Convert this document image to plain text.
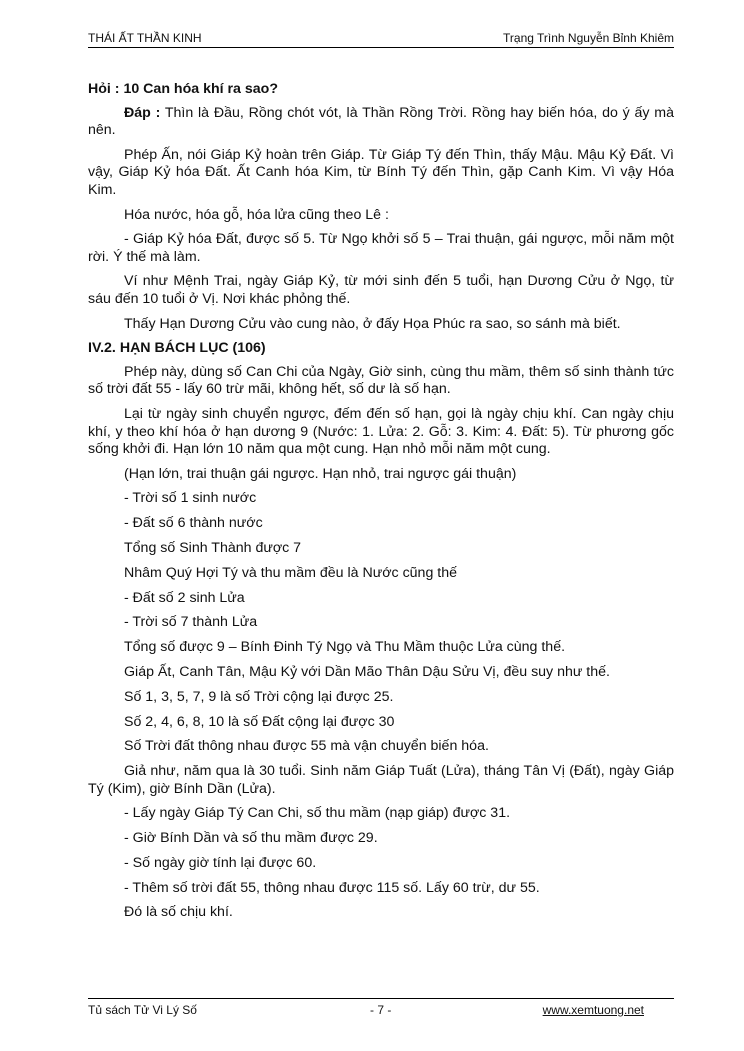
THÁI ẤT THẦN KINH	Trạng Trình Nguyễn Bỉnh Khiêm

Hỏi : 10 Can hóa khí ra sao?

Đáp : Thìn là Đầu, Rồng chót vót, là Thần Rồng Trời. Rồng hay biến hóa, do ý ấy mà nên.

Phép Ấn, nói Giáp Kỷ hoàn trên Giáp. Từ Giáp Tý đến Thìn, thấy Mậu. Mậu Kỷ Đất. Vì vậy, Giáp Kỷ hóa Đất. Ất Canh hóa Kim, từ Bính Tý đến Thìn, gặp Canh Kim. Vì vậy Hóa Kim.

Hóa nước, hóa gỗ, hóa lửa cũng theo Lê :

- Giáp Kỷ hóa Đất, được số 5. Từ Ngọ khởi số 5 – Trai thuận, gái ngược, mỗi năm một rời. Ý thế mà làm.

Ví như Mệnh Trai, ngày Giáp Kỷ, từ mới sinh đến 5 tuổi, hạn Dương Cửu ở Ngọ, từ sáu đến 10 tuổi ở Vị. Nơi khác phỏng thế.

Thấy Hạn Dương Cửu vào cung nào, ở đấy Họa Phúc ra sao, so sánh mà biết.

IV.2. HẠN BÁCH LỤC (106)

Phép này, dùng số Can Chi của Ngày, Giờ sinh, cùng thu mầm, thêm số sinh thành tức số trời đất 55 - lấy 60 trừ mãi, không hết, số dư là số hạn.

Lại từ ngày sinh chuyển ngược, đếm đến số hạn, gọi là ngày chịu khí. Can ngày chịu khí, y theo khí hóa ở hạn dương 9 (Nước: 1. Lửa: 2. Gỗ: 3. Kim: 4. Đất: 5). Từ phương gốc sống khởi đi. Hạn lớn 10 năm qua một cung. Hạn nhỏ mỗi năm một cung.

(Hạn lớn, trai thuận gái ngược. Hạn nhỏ, trai ngược gái thuận)

- Trời số 1 sinh nước

- Đất số 6 thành nước

Tổng số Sinh Thành được 7

Nhâm Quý Hợi Tý và thu mầm đều là Nước cũng thế

- Đất số 2 sinh Lửa

- Trời số 7 thành Lửa

Tổng số được 9 – Bính Đinh Tý Ngọ và Thu Mầm thuộc Lửa cùng thế.

Giáp Ất, Canh Tân, Mậu Kỷ với Dần Mão Thân Dậu Sửu Vị, đều suy như thế.

Số 1, 3, 5, 7, 9 là số Trời cộng lại được 25.

Số 2, 4, 6, 8, 10 là số Đất cộng lại được 30

Số Trời đất thông nhau được 55 mà vận chuyển biến hóa.

Giả như, năm qua là 30 tuổi. Sinh năm Giáp Tuất (Lửa), tháng Tân Vị (Đất), ngày Giáp Tý (Kim), giờ Bính Dần (Lửa).

- Lấy ngày Giáp Tý Can Chi, số thu mầm (nạp giáp) được 31.

- Giờ Bính Dần và số thu mầm được 29.

- Số ngày giờ tính lại được 60.

- Thêm số trời đất 55, thông nhau được 115 số. Lấy 60 trừ, dư 55.

Đó là số chịu khí.

Tủ sách Tử Vi Lý Số	- 7 -	www.xemtuong.net
